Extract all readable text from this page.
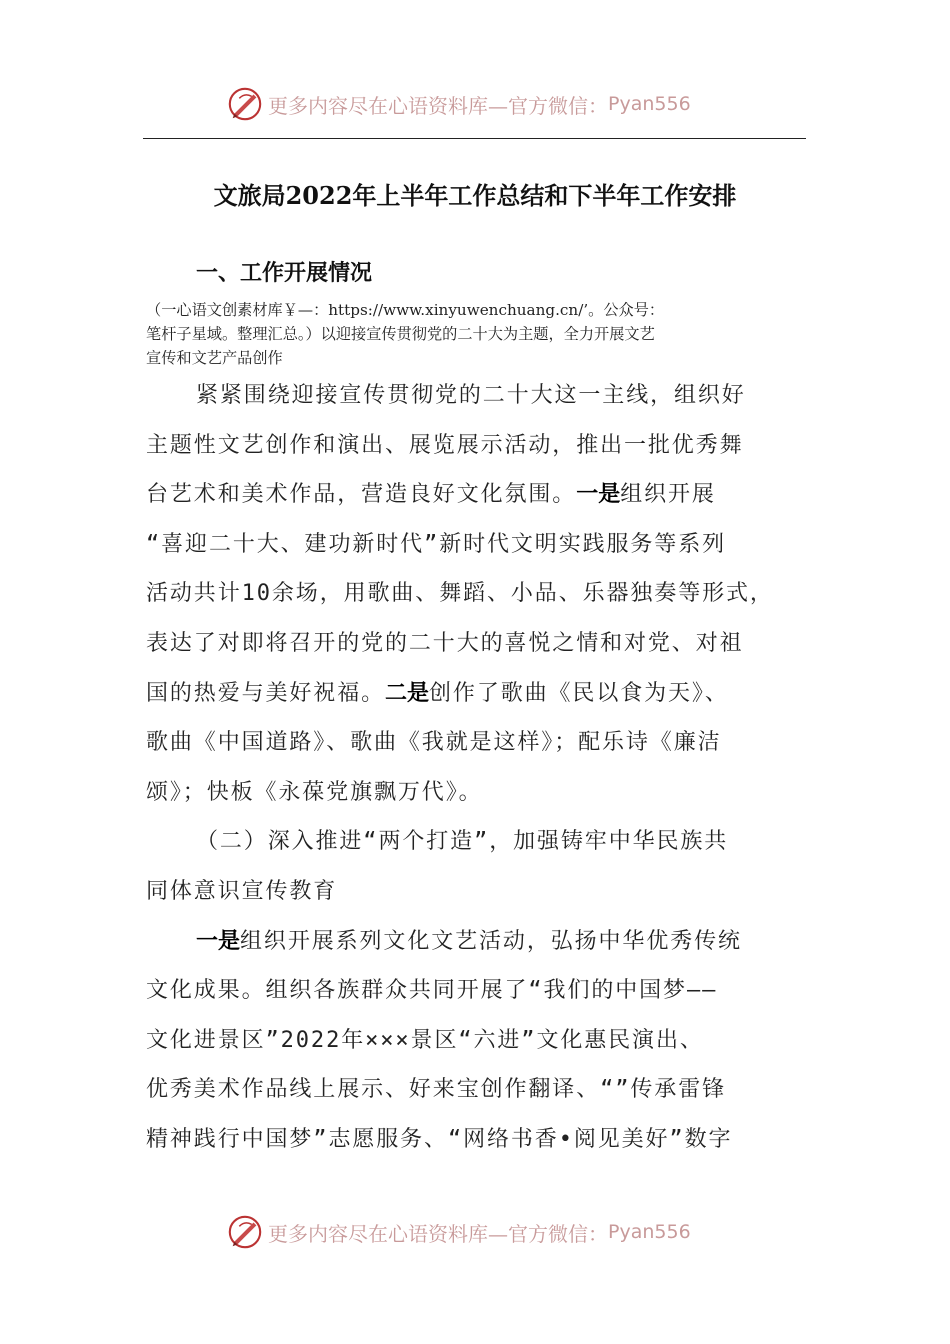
更多内容尽在心语资料库—官方微信： Pyan556
文旅局2022年上半年工作总结和下半年工作安排
一、工作开展情况
（一心语文创素材库￥—：https://www.xinyuwenchuang.cn/’。公众号：
笔杆子星域。整理汇总。）以迎接宣传贯彻党的二十大为主题，全力开展文艺
宣传和文艺产品创作
紧紧围绕迎接宣传贯彻党的二十大这一主线，组织好
主题性文艺创作和演出、展览展示活动，推出一批优秀舞
台艺术和美术作品，营造良好文化氛围。一是组织开展
“喜迎二十大、建功新时代”新时代文明实践服务等系列
活动共计10余场，用歌曲、舞蹈、小品、乐器独奏等形式，
表达了对即将召开的党的二十大的喜悦之情和对党、对祖
国的热爱与美好祝福。二是创作了歌曲《民以食为天》、
歌曲《中国道路》、歌曲《我就是这样》；配乐诗《廉洁
颂》；快板《永葆党旗飘万代》。
（二）深入推进“两个打造”，加强铸牢中华民族共
同体意识宣传教育
一是组织开展系列文化文艺活动，弘扬中华优秀传统
文化成果。组织各族群众共同开展了“我们的中国梦——
文化进景区”2022年×××景区“六进”文化惠民演出、
优秀美术作品线上展示、好来宝创作翻译、“”传承雷锋
精神践行中国梦”志愿服务、“网络书香•阅见美好”数字
更多内容尽在心语资料库—官方微信： Pyan556
